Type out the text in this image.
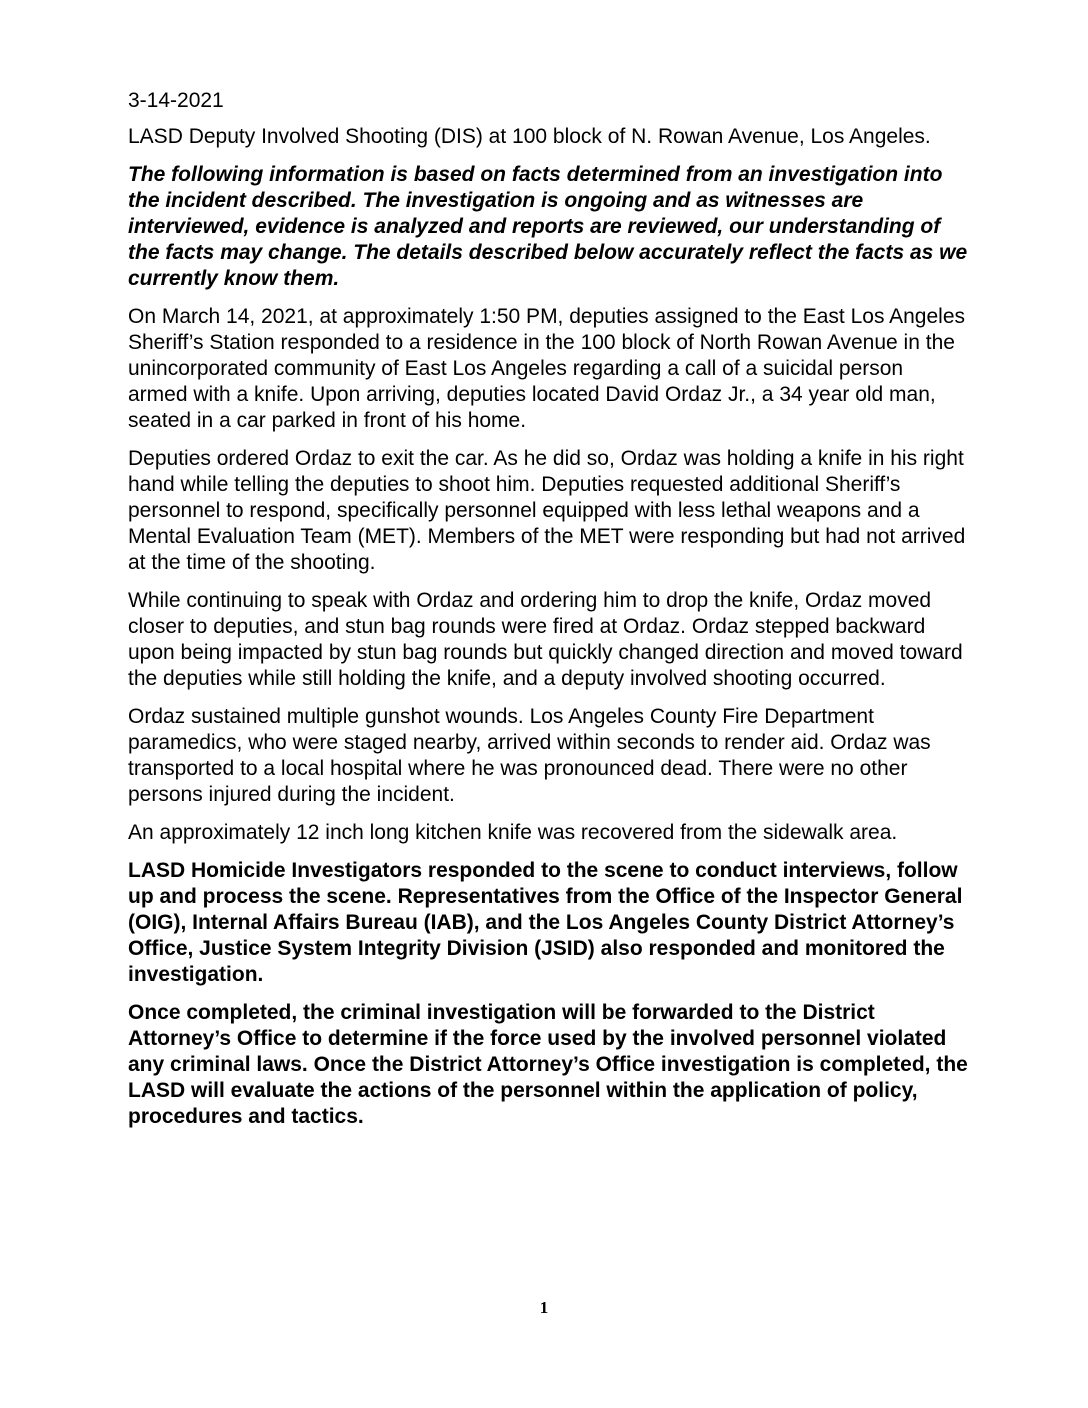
3-14-2021

LASD Deputy Involved Shooting (DIS) at 100 block of N. Rowan Avenue, Los Angeles.

The following information is based on facts determined from an investigation into the incident described. The investigation is ongoing and as witnesses are interviewed, evidence is analyzed and reports are reviewed, our understanding of the facts may change. The details described below accurately reflect the facts as we currently know them.

On March 14, 2021, at approximately 1:50 PM, deputies assigned to the East Los Angeles Sheriff’s Station responded to a residence in the 100 block of North Rowan Avenue in the unincorporated community of East Los Angeles regarding a call of a suicidal person armed with a knife. Upon arriving, deputies located David Ordaz Jr., a 34 year old man, seated in a car parked in front of his home.

Deputies ordered Ordaz to exit the car. As he did so, Ordaz was holding a knife in his right hand while telling the deputies to shoot him. Deputies requested additional Sheriff’s personnel to respond, specifically personnel equipped with less lethal weapons and a Mental Evaluation Team (MET). Members of the MET were responding but had not arrived at the time of the shooting.

While continuing to speak with Ordaz and ordering him to drop the knife, Ordaz moved closer to deputies, and stun bag rounds were fired at Ordaz. Ordaz stepped backward upon being impacted by stun bag rounds but quickly changed direction and moved toward the deputies while still holding the knife, and a deputy involved shooting occurred.

Ordaz sustained multiple gunshot wounds. Los Angeles County Fire Department paramedics, who were staged nearby, arrived within seconds to render aid. Ordaz was transported to a local hospital where he was pronounced dead. There were no other persons injured during the incident.

An approximately 12 inch long kitchen knife was recovered from the sidewalk area.

LASD Homicide Investigators responded to the scene to conduct interviews, follow up and process the scene. Representatives from the Office of the Inspector General (OIG), Internal Affairs Bureau (IAB), and the Los Angeles County District Attorney’s Office, Justice System Integrity Division (JSID) also responded and monitored the investigation.

Once completed, the criminal investigation will be forwarded to the District Attorney’s Office to determine if the force used by the involved personnel violated any criminal laws. Once the District Attorney’s Office investigation is completed, the LASD will evaluate the actions of the personnel within the application of policy, procedures and tactics.

1
